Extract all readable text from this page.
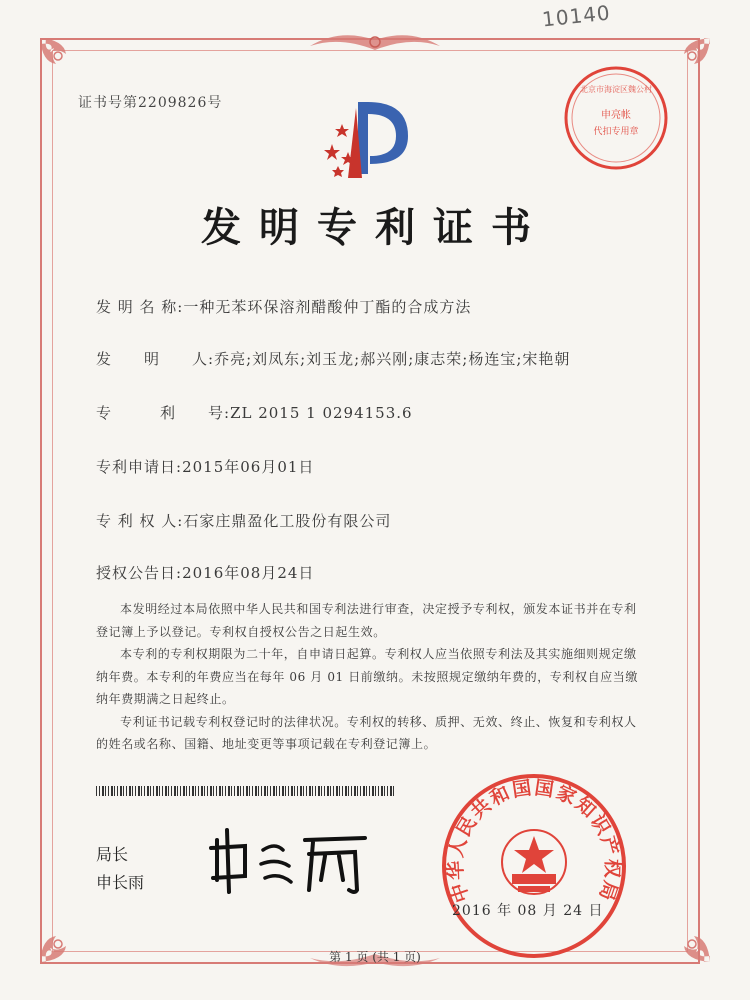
10140
证书号第2209826号
北京市海淀区魏公村
申亮帐
代扣专用章
发明专利证书
发 明 名 称:一种无苯环保溶剂醋酸仲丁酯的合成方法
发　　明　　人:乔亮;刘凤东;刘玉龙;郝兴刚;康志荣;杨连宝;宋艳朝
专　　　利　　号:ZL 2015 1 0294153.6
专利申请日:2015年06月01日
专 利 权 人:石家庄鼎盈化工股份有限公司
授权公告日:2016年08月24日

本发明经过本局依照中华人民共和国专利法进行审查，决定授予专利权，颁发本证书并在专利登记簿上予以登记。专利权自授权公告之日起生效。

本专利的专利权期限为二十年，自申请日起算。专利权人应当依照专利法及其实施细则规定缴纳年费。本专利的年费应当在每年 06 月 01 日前缴纳。未按照规定缴纳年费的，专利权自应当缴纳年费期满之日起终止。

专利证书记载专利权登记时的法律状况。专利权的转移、质押、无效、终止、恢复和专利权人的姓名或名称、国籍、地址变更等事项记载在专利登记簿上。

局长
申长雨	中华人民共和国国家知识产权局
2016 年 08 月 24 日
第 1 页 (共 1 页)
